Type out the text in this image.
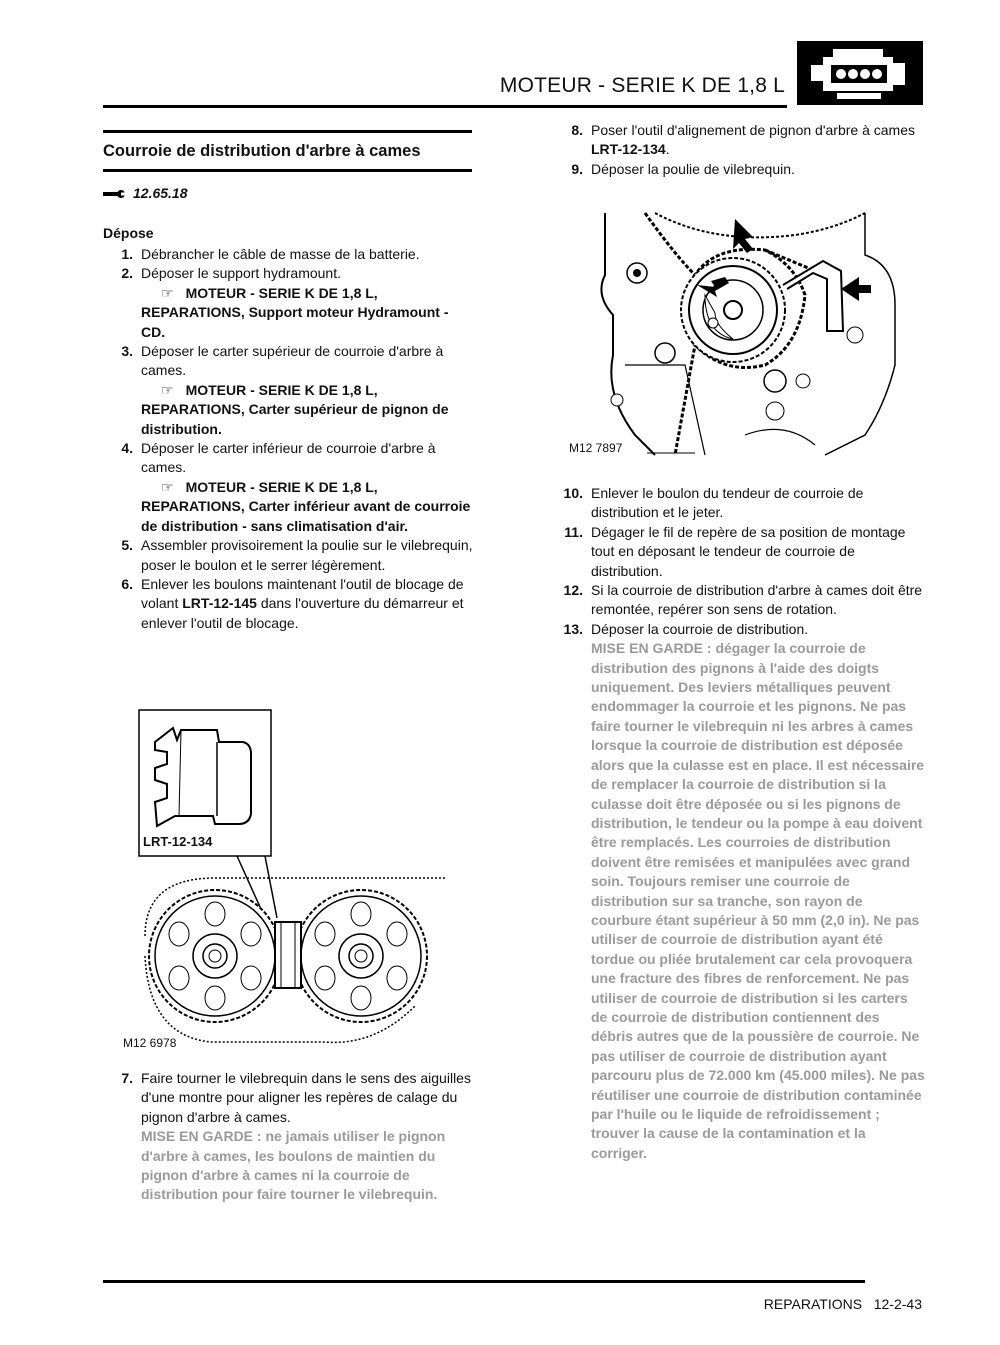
MOTEUR - SERIE K DE 1,8 L
Courroie de distribution d'arbre à cames
12.65.18
Dépose
1. Débrancher le câble de masse de la batterie.
2. Déposer le support hydramount.
☞ MOTEUR - SERIE K DE 1,8 L, REPARATIONS, Support moteur Hydramount - CD.
3. Déposer le carter supérieur de courroie d'arbre à cames.
☞ MOTEUR - SERIE K DE 1,8 L, REPARATIONS, Carter supérieur de pignon de distribution.
4. Déposer le carter inférieur de courroie d'arbre à cames.
☞ MOTEUR - SERIE K DE 1,8 L, REPARATIONS, Carter inférieur avant de courroie de distribution - sans climatisation d'air.
5. Assembler provisoirement la poulie sur le vilebrequin, poser le boulon et le serrer légèrement.
6. Enlever les boulons maintenant l'outil de blocage de volant LRT-12-145 dans l'ouverture du démarreur et enlever l'outil de blocage.
LRT-12-134
M12 6978
7. Faire tourner le vilebrequin dans le sens des aiguilles d'une montre pour aligner les repères de calage du pignon d'arbre à cames.
MISE EN GARDE : ne jamais utiliser le pignon d'arbre à cames, les boulons de maintien du pignon d'arbre à cames ni la courroie de distribution pour faire tourner le vilebrequin.
8. Poser l'outil d'alignement de pignon d'arbre à cames LRT-12-134.
9. Déposer la poulie de vilebrequin.
M12 7897
10. Enlever le boulon du tendeur de courroie de distribution et le jeter.
11. Dégager le fil de repère de sa position de montage tout en déposant le tendeur de courroie de distribution.
12. Si la courroie de distribution d'arbre à cames doit être remontée, repérer son sens de rotation.
13. Déposer la courroie de distribution.
MISE EN GARDE : dégager la courroie de distribution des pignons à l'aide des doigts uniquement. Des leviers métalliques peuvent endommager la courroie et les pignons. Ne pas faire tourner le vilebrequin ni les arbres à cames lorsque la courroie de distribution est déposée alors que la culasse est en place. Il est nécessaire de remplacer la courroie de distribution si la culasse doit être déposée ou si les pignons de distribution, le tendeur ou la pompe à eau doivent être remplacés. Les courroies de distribution doivent être remisées et manipulées avec grand soin. Toujours remiser une courroie de distribution sur sa tranche, son rayon de courbure étant supérieur à 50 mm (2,0 in). Ne pas utiliser de courroie de distribution ayant été tordue ou pliée brutalement car cela provoquera une fracture des fibres de renforcement. Ne pas utiliser de courroie de distribution si les carters de courroie de distribution contiennent des débris autres que de la poussière de courroie. Ne pas utiliser de courroie de distribution ayant parcouru plus de 72.000 km (45.000 miles). Ne pas réutiliser une courroie de distribution contaminée par l'huile ou le liquide de refroidissement ; trouver la cause de la contamination et la corriger.
REPARATIONS 12-2-43
